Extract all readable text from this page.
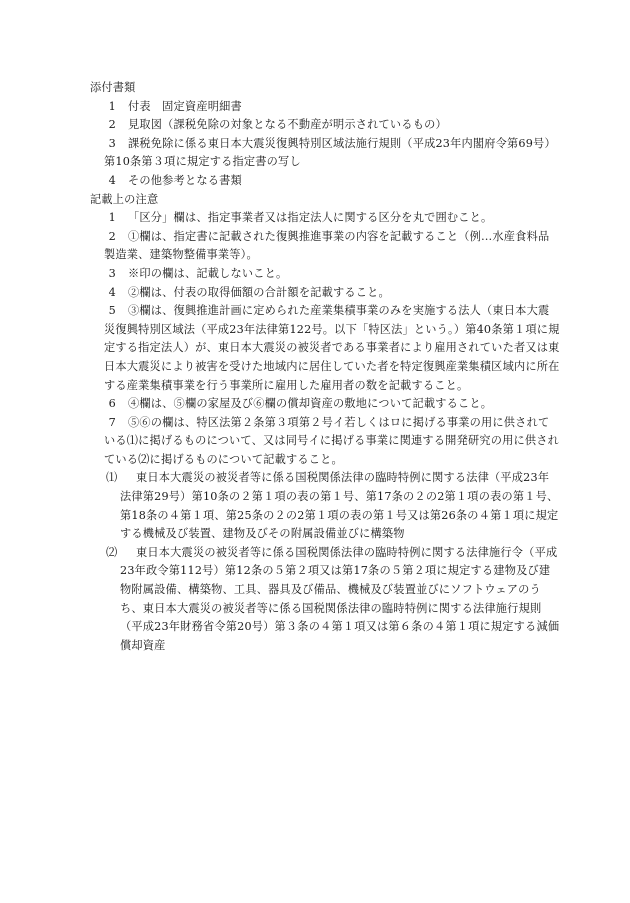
添付書類

1	付表　固定資産明細書
2	見取図（課税免除の対象となる不動産が明示されているもの）
3	課税免除に係る東日本大震災復興特別区域法施行規則（平成23年内閣府令第69号）第10条第３項に規定する指定書の写し
4	その他参考となる書類

記載上の注意

1	「区分」欄は、指定事業者又は指定法人に関する区分を丸で囲むこと。
2	①欄は、指定書に記載された復興推進事業の内容を記載すること（例…水産食料品製造業、建築物整備事業等）。
3	※印の欄は、記載しないこと。
4	②欄は、付表の取得価額の合計額を記載すること。
5	③欄は、復興推進計画に定められた産業集積事業のみを実施する法人（東日本大震災復興特別区域法（平成23年法律第122号。以下「特区法」という。）第40条第１項に規定する指定法人）が、東日本大震災の被災者である事業者により雇用されていた者又は東日本大震災により被害を受けた地域内に居住していた者を特定復興産業集積区域内に所在する産業集積事業を行う事業所に雇用した雇用者の数を記載すること。
6	④欄は、⑤欄の家屋及び⑥欄の償却資産の敷地について記載すること。
7	⑤⑥の欄は、特区法第２条第３項第２号イ若しくはロに掲げる事業の用に供されている⑴に掲げるものについて、又は同号イに掲げる事業に関連する開発研究の用に供されている⑵に掲げるものについて記載すること。
⑴	東日本大震災の被災者等に係る国税関係法律の臨時特例に関する法律（平成23年法律第29号）第10条の２第１項の表の第１号、第17条の２の2第１項の表の第１号、第18条の４第１項、第25条の２の2第１項の表の第１号又は第26条の４第１項に規定する機械及び装置、建物及びその附属設備並びに構築物
⑵	東日本大震災の被災者等に係る国税関係法律の臨時特例に関する法律施行令（平成23年政令第112号）第12条の５第２項又は第17条の５第２項に規定する建物及び建物附属設備、構築物、工具、器具及び備品、機械及び装置並びにソフトウェアのうち、東日本大震災の被災者等に係る国税関係法律の臨時特例に関する法律施行規則（平成23年財務省令第20号）第３条の４第１項又は第６条の４第１項に規定する減価償却資産
